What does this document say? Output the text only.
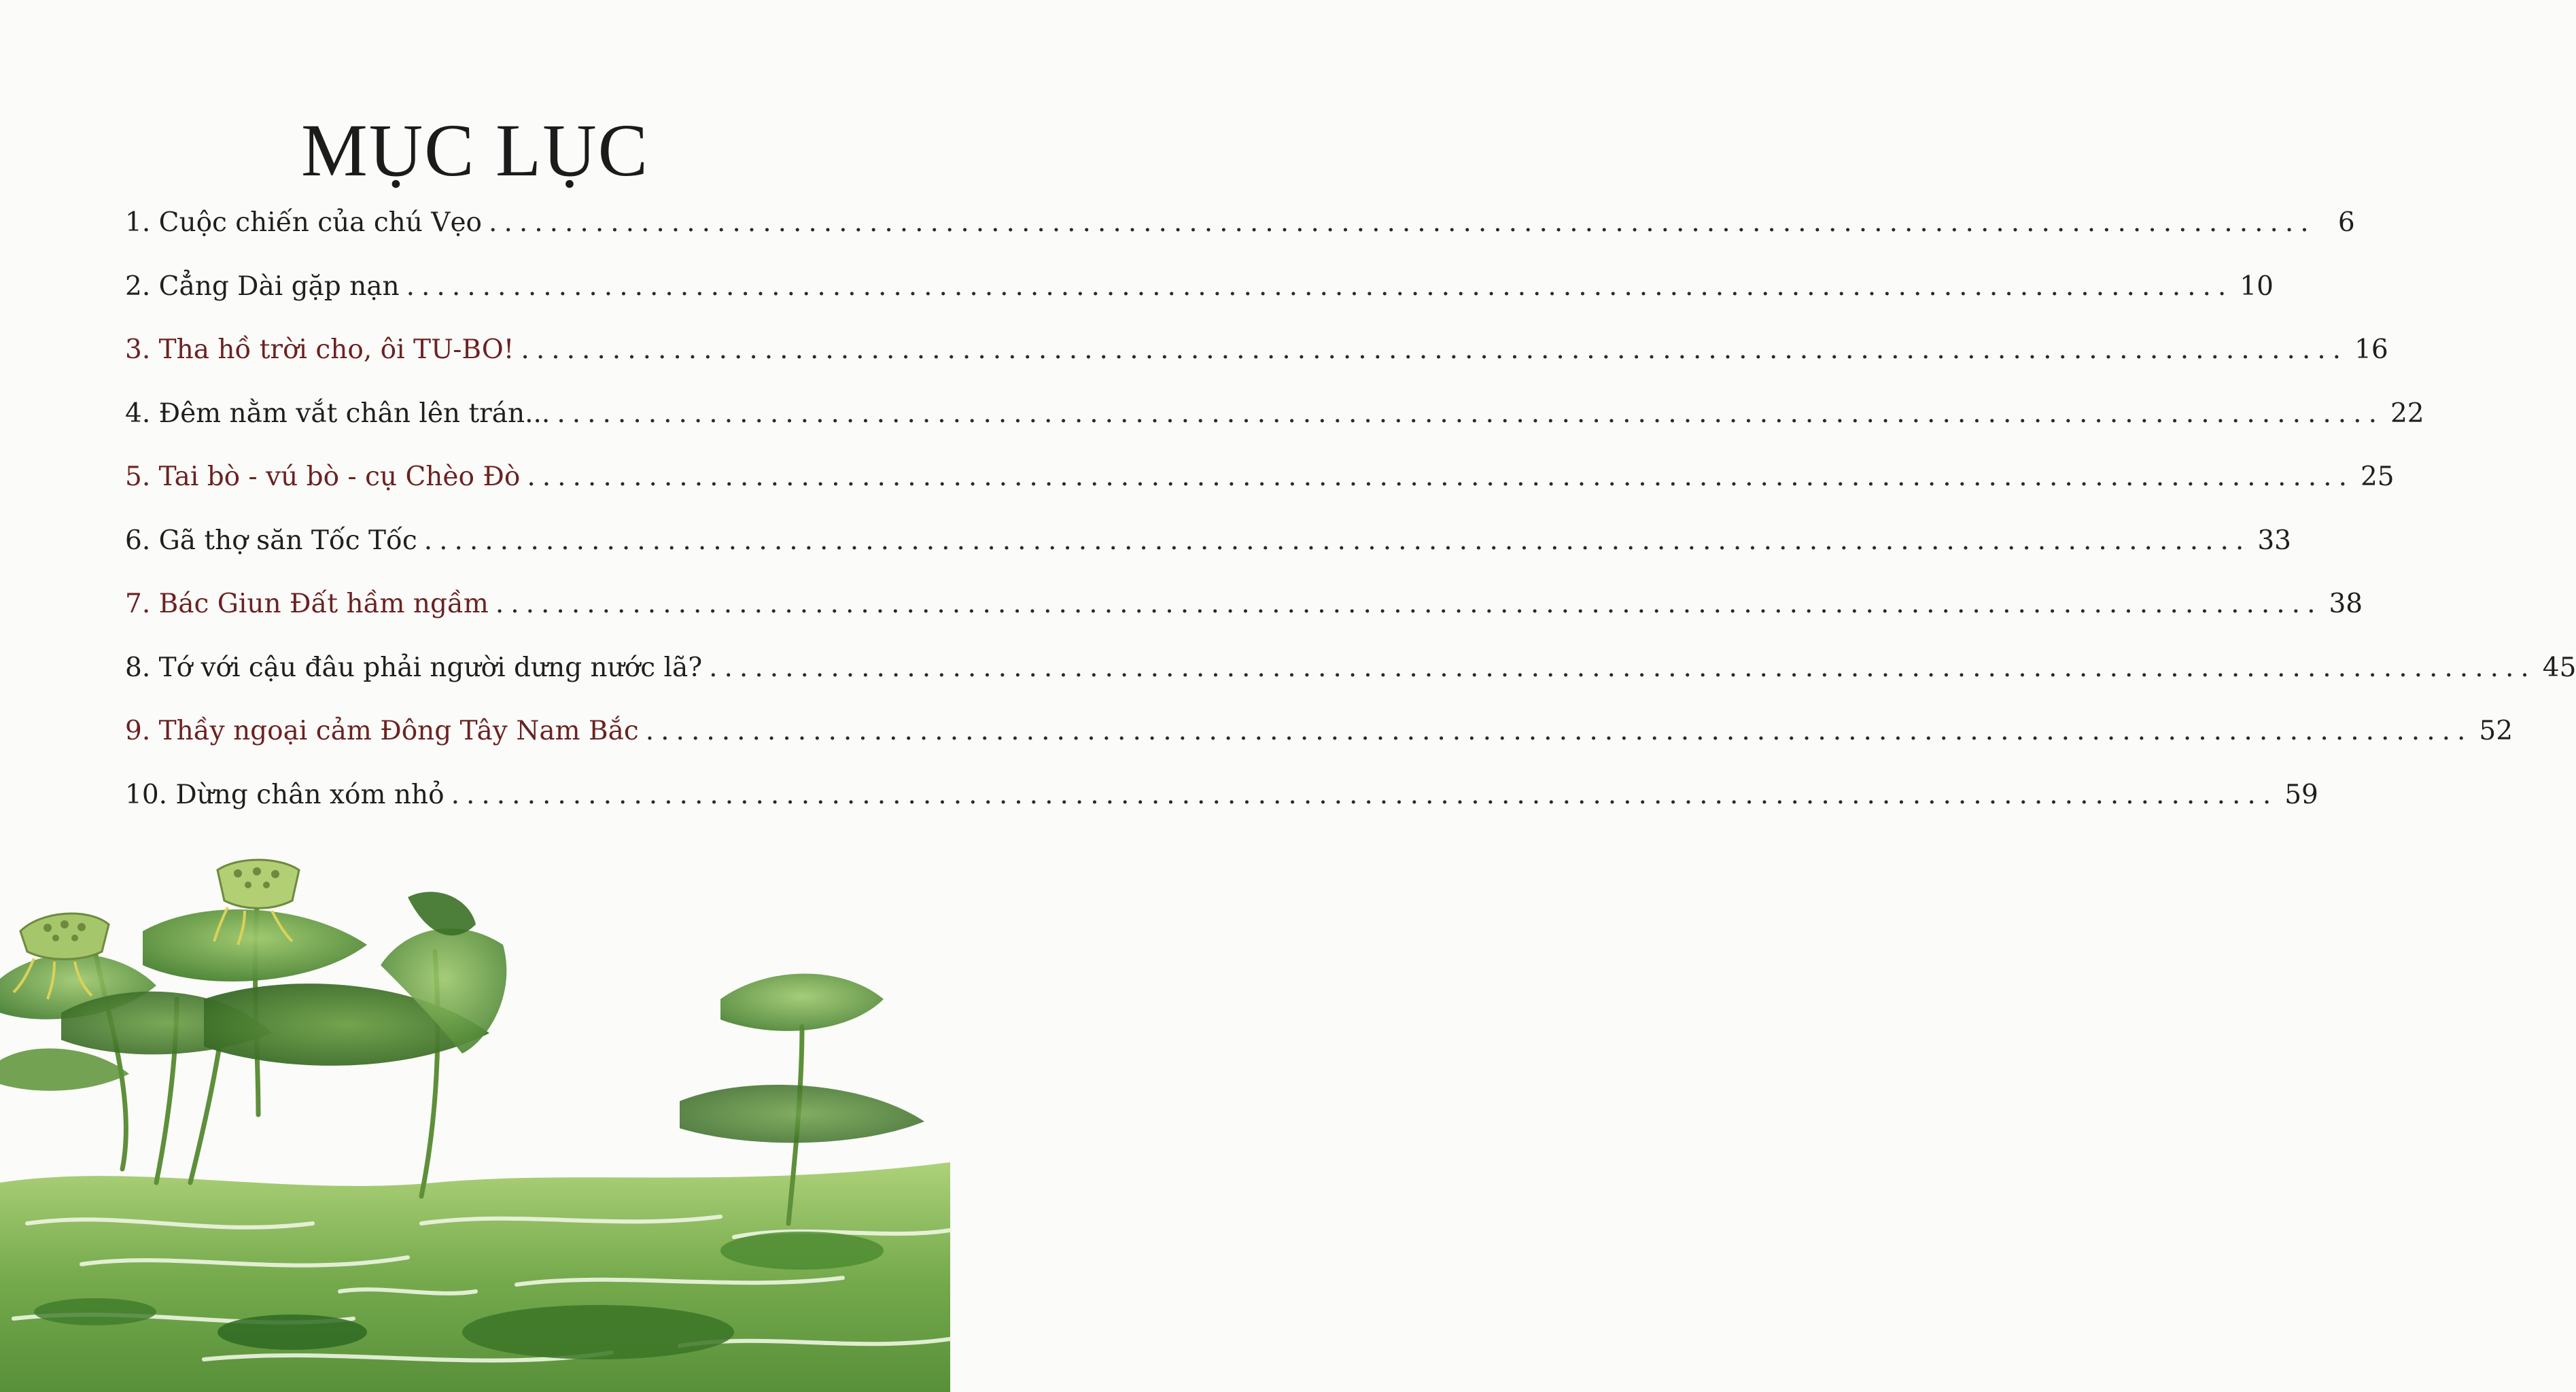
MỤC LỤC
1. Cuộc chiến của chú Vẹo ........................................................................................................................ 6
2. Cẳng Dài gặp nạn ........................................................................................................................ 10
3. Tha hồ trời cho, ôi TU-BO! ........................................................................................................................ 16
4. Đêm nằm vắt chân lên trán... ........................................................................................................................ 22
5. Tai bò - vú bò - cụ Chèo Đò ........................................................................................................................ 25
6. Gã thợ săn Tốc Tốc ........................................................................................................................ 33
7. Bác Giun Đất hầm ngầm ........................................................................................................................ 38
8. Tớ với cậu đâu phải người dưng nước lã? ........................................................................................................................ 45
9. Thầy ngoại cảm Đông Tây Nam Bắc ........................................................................................................................ 52
10. Dừng chân xóm nhỏ ........................................................................................................................ 59
